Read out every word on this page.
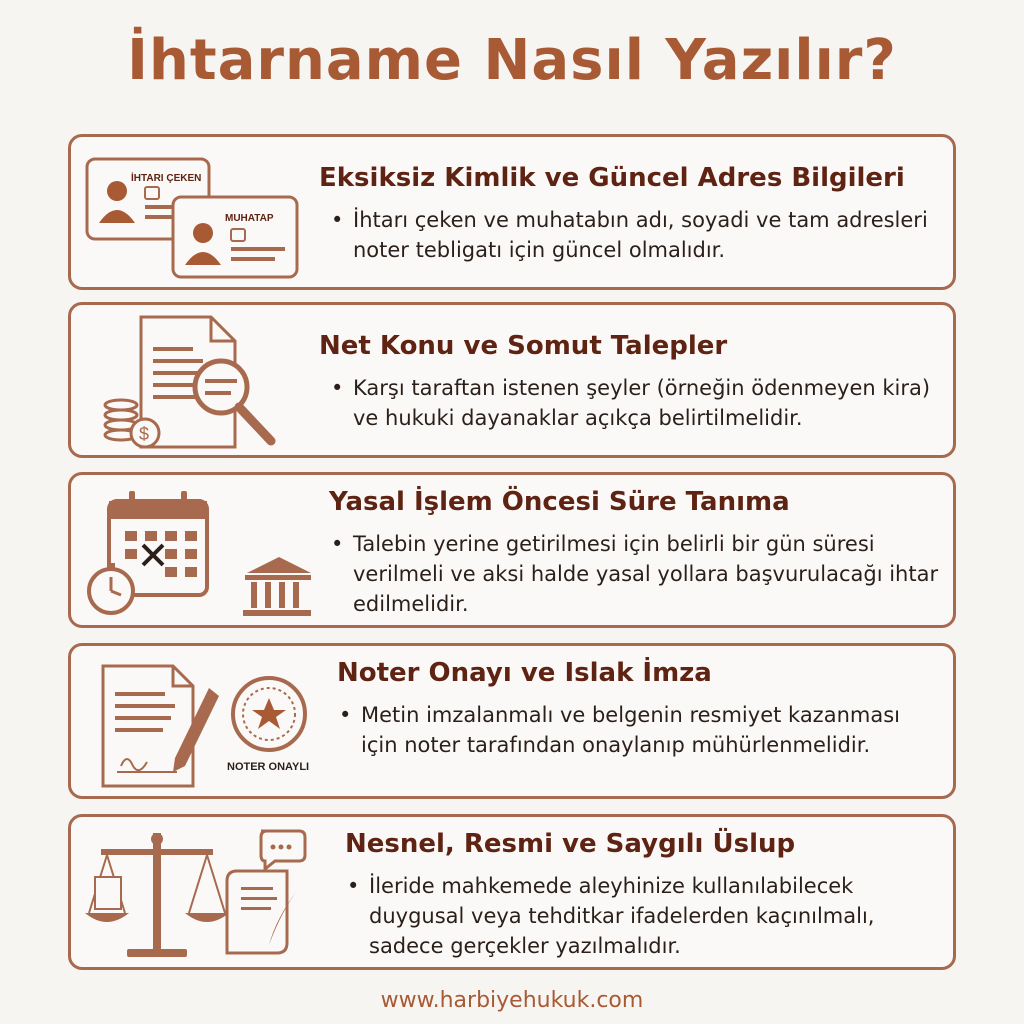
İhtarname Nasıl Yazılır?
İHTARI ÇEKEN
MUHATAP
Eksiksiz Kimlik ve Güncel Adres Bilgileri
• İhtarı çeken ve muhatabın adı, soyadi ve tam adresleri noter tebligatı için güncel olmalıdır.
$
Net Konu ve Somut Talepler
• Karşı taraftan istenen şeyler (örneğin ödenmeyen kira) ve hukuki dayanaklar açıkça belirtilmelidir.
Yasal İşlem Öncesi Süre Tanıma
• Talebin yerine getirilmesi için belirli bir gün süresi verilmeli ve aksi halde yasal yollara başvurulacağı ihtar edilmelidir.
NOTER ONAYLI
Noter Onayı ve Islak İmza
• Metin imzalanmalı ve belgenin resmiyet kazanması için noter tarafından onaylanıp mühürlenmelidir.
Nesnel, Resmi ve Saygılı Üslup
• İleride mahkemede aleyhinize kullanılabilecek duygusal veya tehditkar ifadelerden kaçınılmalı, sadece gerçekler yazılmalıdır.
www.harbiyehukuk.com
